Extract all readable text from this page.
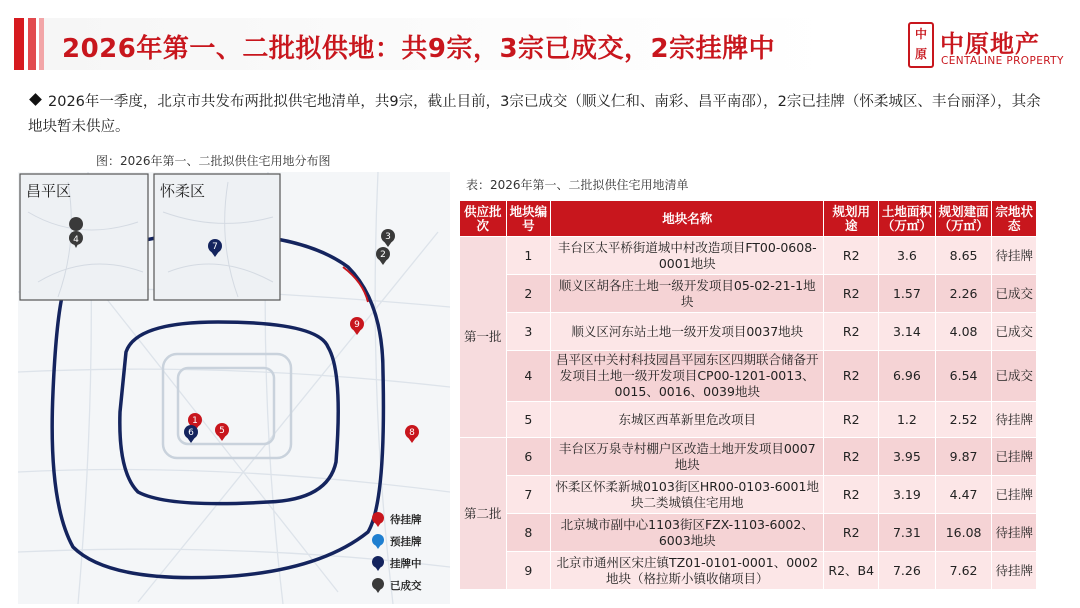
2026年第一、二批拟供地：共9宗，3宗已成交，2宗挂牌中	中原 中原地产
CENTALINE PROPERTY
2026年一季度，北京市共发布两批拟供宅地清单，共9宗，截止目前，3宗已成交（顺义仁和、南彩、昌平南邵），2宗已挂牌（怀柔城区、丰台丽泽），其余地块暂未供应。
图：2026年第一、二批拟供住宅用地分布图
昌平区	怀柔区
4
7
3
2
9
1
6	5	8
待挂牌
预挂牌
挂牌中
已成交
表：2026年第一、二批拟供住宅用地清单
供应批次	地块编号	地块名称	规划用途	土地面积（万㎡）	规划建面（万㎡）	宗地状态
第一批	1	丰台区太平桥街道城中村改造项目FT00-0608-0001地块	R2	3.6	8.65	待挂牌
	2	顺义区胡各庄土地一级开发项目05-02-21-1地块	R2	1.57	2.26	已成交
	3	顺义区河东站土地一级开发项目0037地块	R2	3.14	4.08	已成交
	4	昌平区中关村科技园昌平园东区四期联合储备开发项目土地一级开发项目CP00-1201-0013、0015、0016、0039地块	R2	6.96	6.54	已成交
	5	东城区西革新里危改项目	R2	1.2	2.52	待挂牌
第二批	6	丰台区万泉寺村棚户区改造土地开发项目0007地块	R2	3.95	9.87	已挂牌
	7	怀柔区怀柔新城0103街区HR00-0103-6001地块二类城镇住宅用地	R2	3.19	4.47	已挂牌
	8	北京城市副中心1103街区FZX-1103-6002、6003地块	R2	7.31	16.08	待挂牌
	9	北京市通州区宋庄镇TZ01-0101-0001、0002地块（格拉斯小镇收储项目）	R2、B4	7.26	7.62	待挂牌
